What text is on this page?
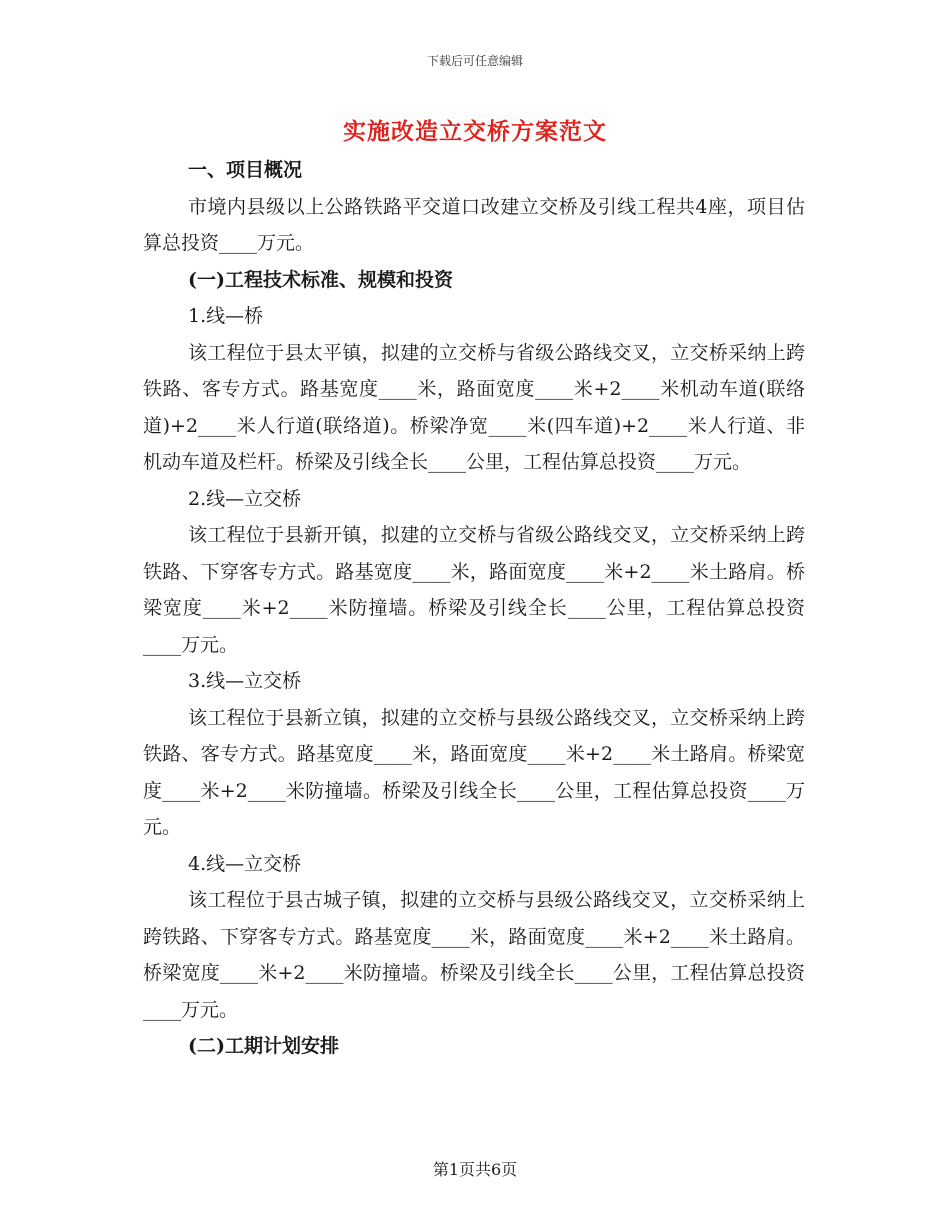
下载后可任意编辑
实施改造立交桥方案范文

一、项目概况

市境内县级以上公路铁路平交道口改建立交桥及引线工程共4座，项目估算总投资____万元。

(一)工程技术标准、规模和投资

1.线—桥

该工程位于县太平镇，拟建的立交桥与省级公路线交叉，立交桥采纳上跨铁路、客专方式。路基宽度____米，路面宽度____米+2____米机动车道(联络道)+2____米人行道(联络道)。桥梁净宽____米(四车道)+2____米人行道、非机动车道及栏杆。桥梁及引线全长____公里，工程估算总投资____万元。

2.线—立交桥

该工程位于县新开镇，拟建的立交桥与省级公路线交叉，立交桥采纳上跨铁路、下穿客专方式。路基宽度____米，路面宽度____米+2____米土路肩。桥梁宽度____米+2____米防撞墙。桥梁及引线全长____公里，工程估算总投资____万元。

3.线—立交桥

该工程位于县新立镇，拟建的立交桥与县级公路线交叉，立交桥采纳上跨铁路、客专方式。路基宽度____米，路面宽度____米+2____米土路肩。桥梁宽度____米+2____米防撞墙。桥梁及引线全长____公里，工程估算总投资____万元。

4.线—立交桥

该工程位于县古城子镇，拟建的立交桥与县级公路线交叉，立交桥采纳上跨铁路、下穿客专方式。路基宽度____米，路面宽度____米+2____米土路肩。桥梁宽度____米+2____米防撞墙。桥梁及引线全长____公里，工程估算总投资____万元。

(二)工期计划安排

第1页共6页
